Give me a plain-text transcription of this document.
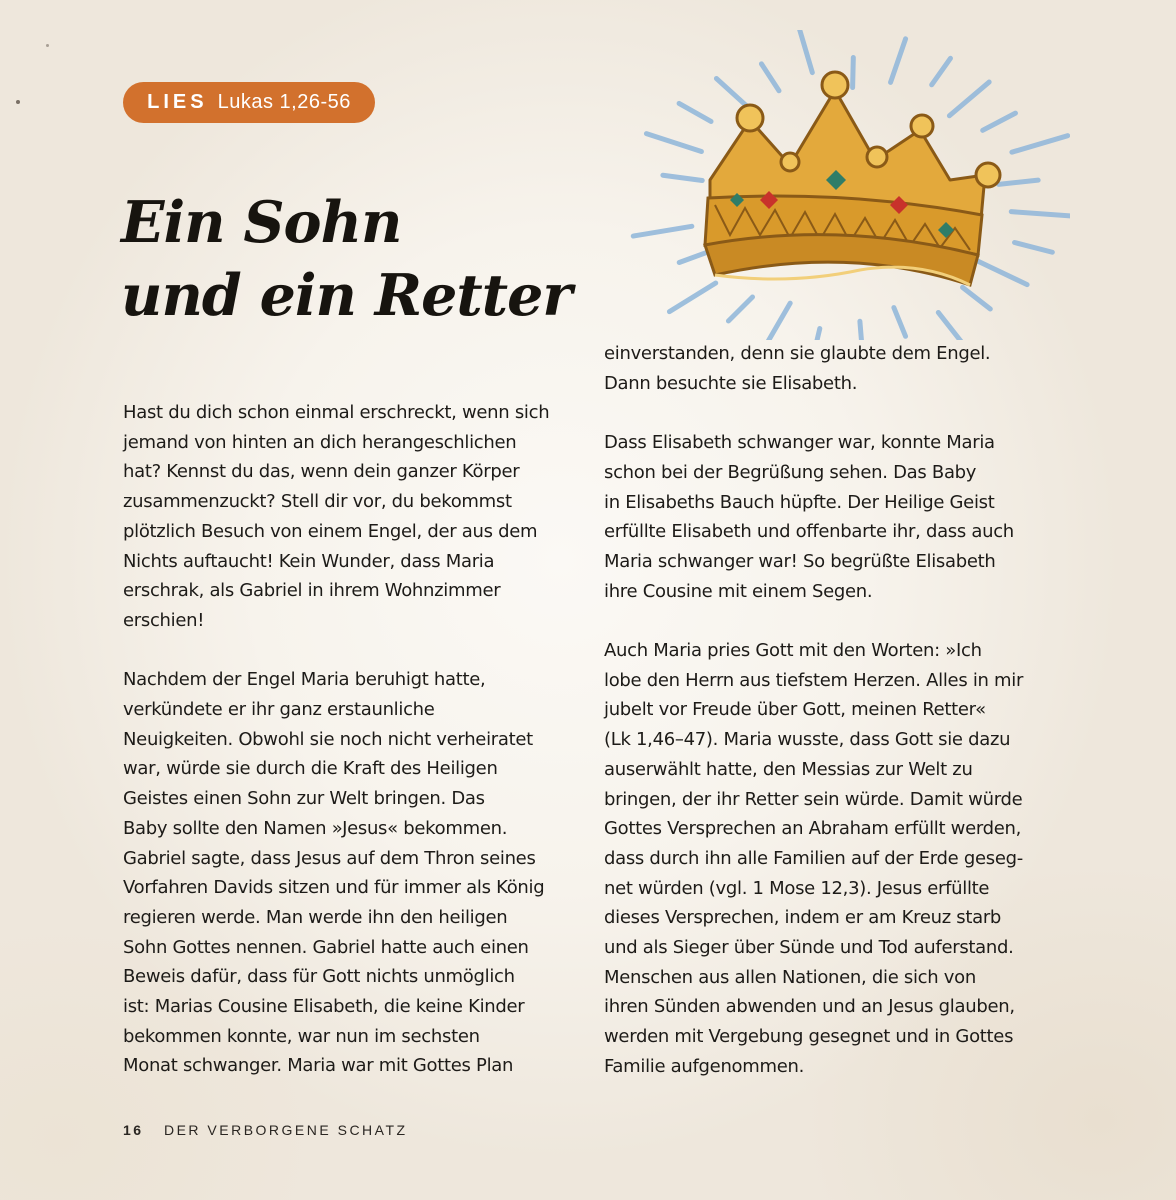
LIES Lukas 1,26-56
Ein Sohn
und ein Retter

Hast du dich schon einmal erschreckt, wenn sich
jemand von hinten an dich herangeschlichen
hat? Kennst du das, wenn dein ganzer Körper
zusammenzuckt? Stell dir vor, du bekommst
plötzlich Besuch von einem Engel, der aus dem
Nichts auftaucht! Kein Wunder, dass Maria
erschrak, als Gabriel in ihrem Wohnzimmer
erschien!

Nachdem der Engel Maria beruhigt hatte,
verkündete er ihr ganz erstaunliche
Neuigkeiten. Obwohl sie noch nicht verheiratet
war, würde sie durch die Kraft des Heiligen
Geistes einen Sohn zur Welt bringen. Das
Baby sollte den Namen »Jesus« bekommen.
Gabriel sagte, dass Jesus auf dem Thron seines
Vorfahren Davids sitzen und für immer als König
regieren werde. Man werde ihn den heiligen
Sohn Gottes nennen. Gabriel hatte auch einen
Beweis dafür, dass für Gott nichts unmöglich
ist: Marias Cousine Elisabeth, die keine Kinder
bekommen konnte, war nun im sechsten
Monat schwanger. Maria war mit Gottes Plan

einverstanden, denn sie glaubte dem Engel.
Dann besuchte sie Elisabeth.

Dass Elisabeth schwanger war, konnte Maria
schon bei der Begrüßung sehen. Das Baby
in Elisabeths Bauch hüpfte. Der Heilige Geist
erfüllte Elisabeth und offenbarte ihr, dass auch
Maria schwanger war! So begrüßte Elisabeth
ihre Cousine mit einem Segen.

Auch Maria pries Gott mit den Worten: »Ich
lobe den Herrn aus tiefstem Herzen. Alles in mir
jubelt vor Freude über Gott, meinen Retter«
(Lk 1,46–47). Maria wusste, dass Gott sie dazu
auserwählt hatte, den Messias zur Welt zu
bringen, der ihr Retter sein würde. Damit würde
Gottes Versprechen an Abraham erfüllt werden,
dass durch ihn alle Familien auf der Erde geseg-
net würden (vgl. 1 Mose 12,3). Jesus erfüllte
dieses Versprechen, indem er am Kreuz starb
und als Sieger über Sünde und Tod auferstand.
Menschen aus allen Nationen, die sich von
ihren Sünden abwenden und an Jesus glauben,
werden mit Vergebung gesegnet und in Gottes
Familie aufgenommen.

16 DER VERBORGENE SCHATZ
